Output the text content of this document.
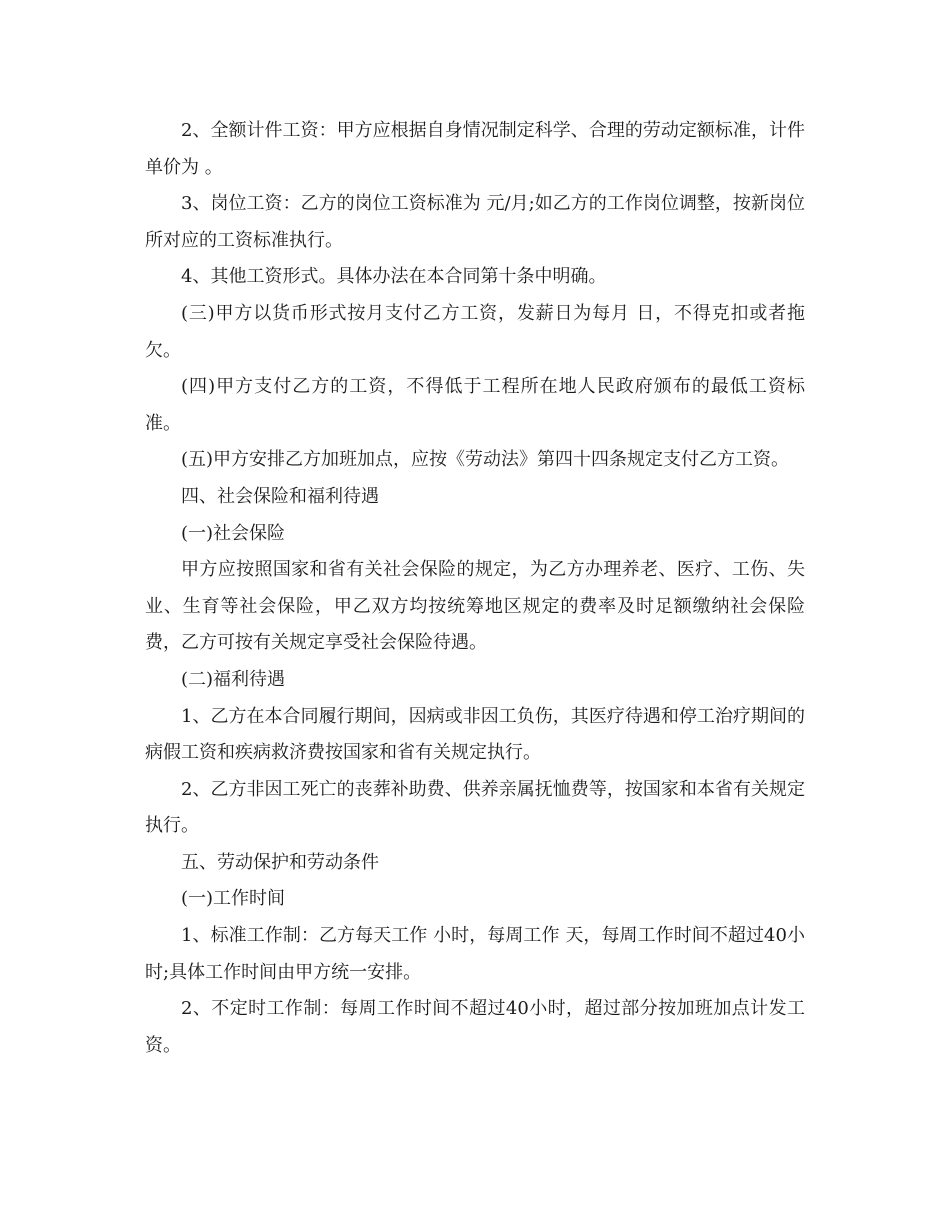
2、全额计件工资：甲方应根据自身情况制定科学、合理的劳动定额标准，计件单价为 。

3、岗位工资：乙方的岗位工资标准为 元/月;如乙方的工作岗位调整，按新岗位所对应的工资标准执行。

4、其他工资形式。具体办法在本合同第十条中明确。

(三)甲方以货币形式按月支付乙方工资，发薪日为每月 日，不得克扣或者拖欠。

(四)甲方支付乙方的工资，不得低于工程所在地人民政府颁布的最低工资标准。

(五)甲方安排乙方加班加点，应按《劳动法》第四十四条规定支付乙方工资。

四、社会保险和福利待遇

(一)社会保险

甲方应按照国家和省有关社会保险的规定，为乙方办理养老、医疗、工伤、失业、生育等社会保险，甲乙双方均按统筹地区规定的费率及时足额缴纳社会保险费，乙方可按有关规定享受社会保险待遇。

(二)福利待遇

1、乙方在本合同履行期间，因病或非因工负伤，其医疗待遇和停工治疗期间的病假工资和疾病救济费按国家和省有关规定执行。

2、乙方非因工死亡的丧葬补助费、供养亲属抚恤费等，按国家和本省有关规定执行。

五、劳动保护和劳动条件

(一)工作时间

1、标准工作制：乙方每天工作 小时，每周工作 天，每周工作时间不超过40小时;具体工作时间由甲方统一安排。

2、不定时工作制：每周工作时间不超过40小时，超过部分按加班加点计发工资。
